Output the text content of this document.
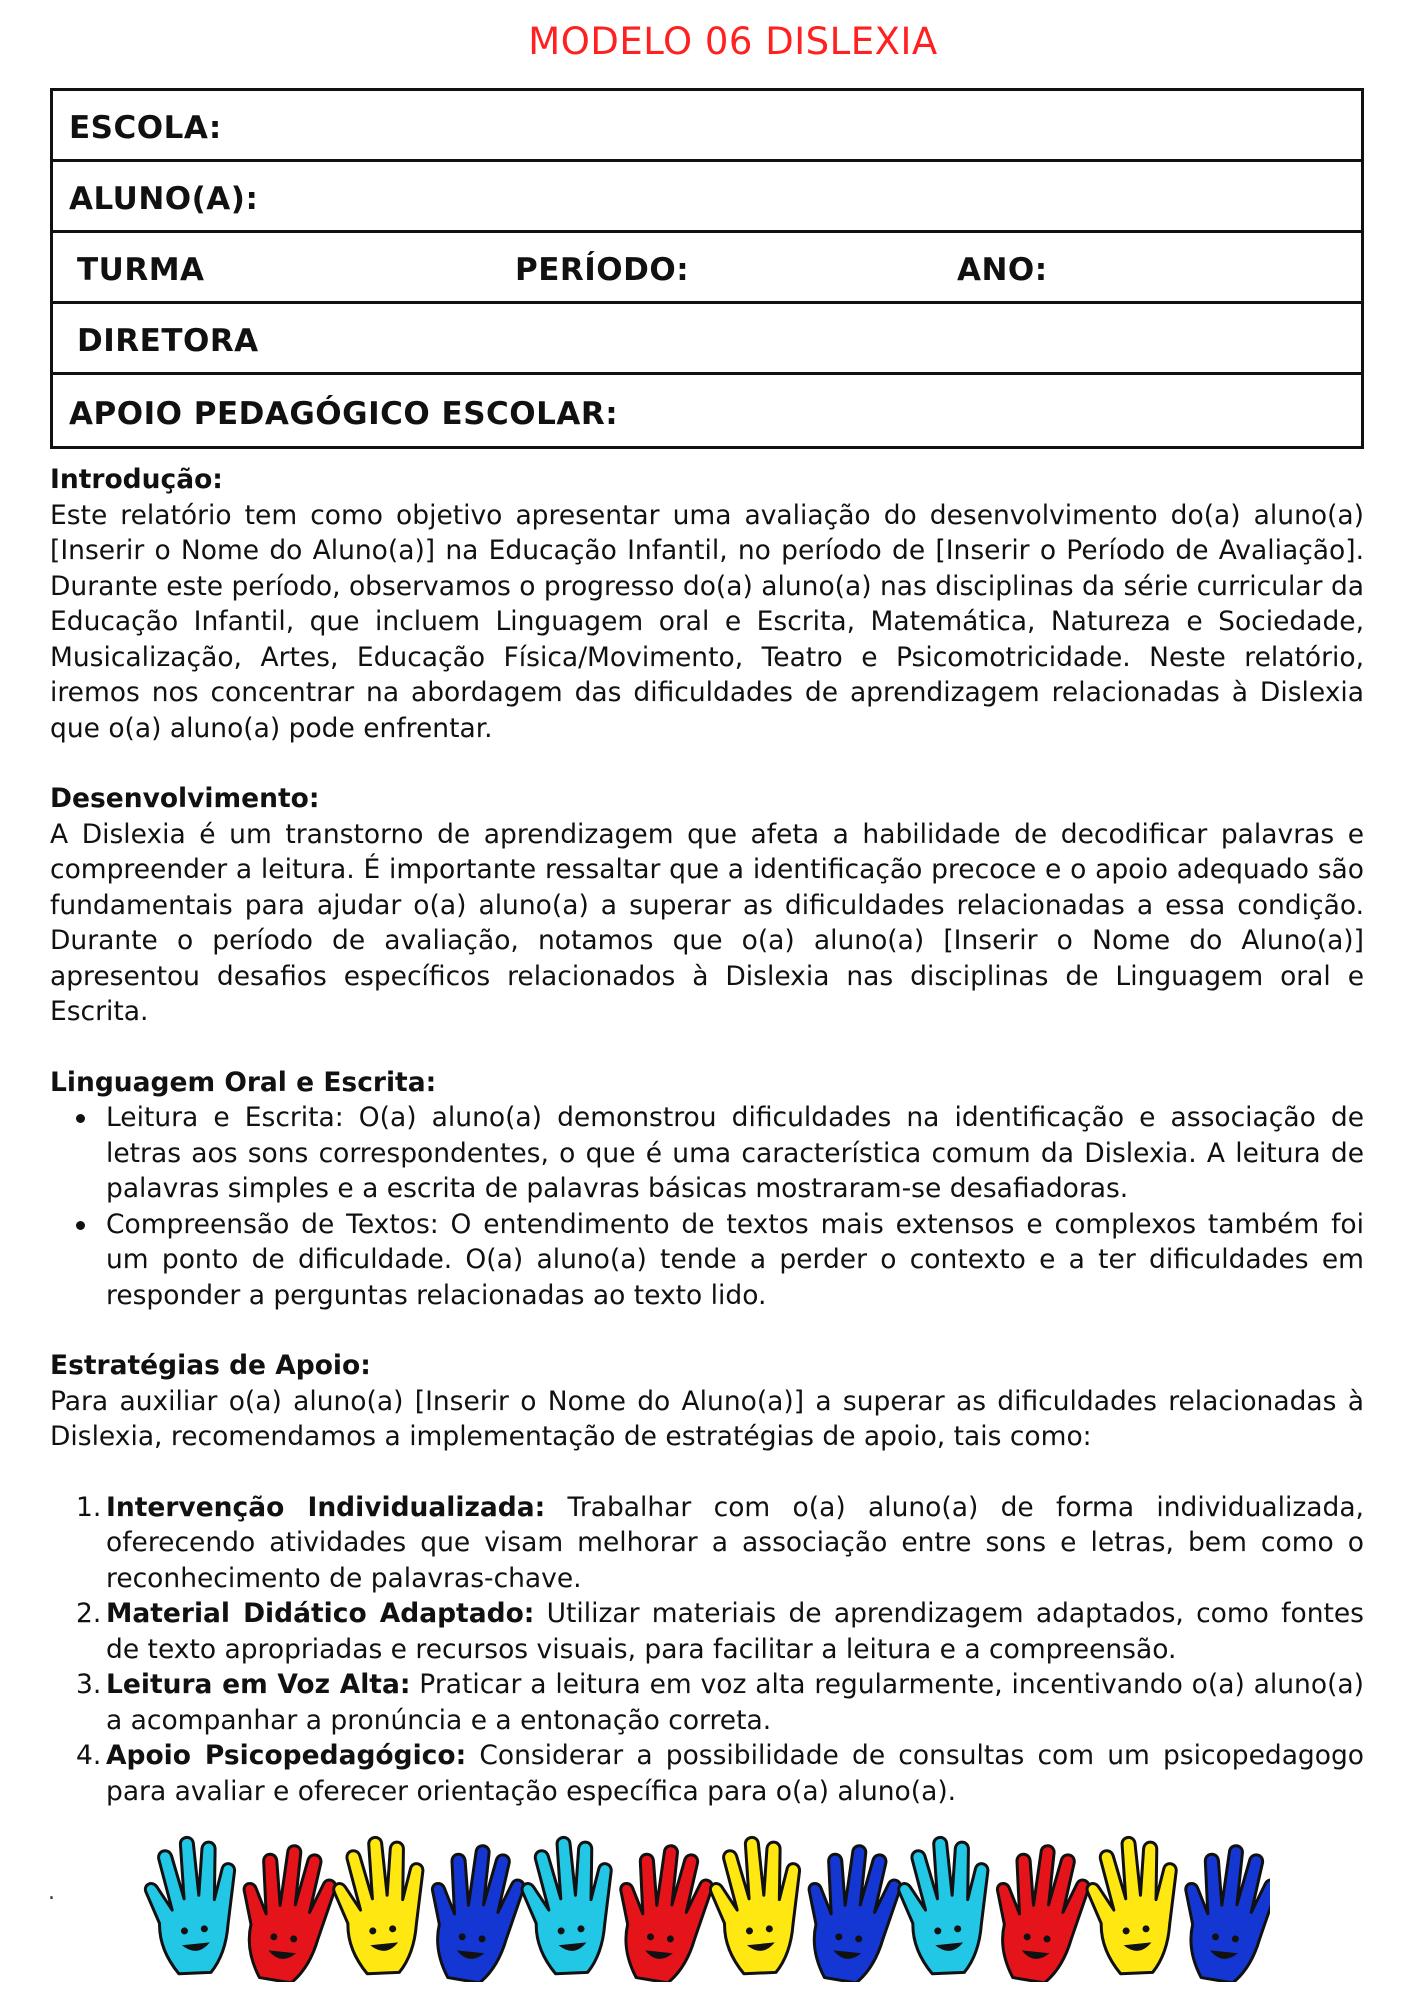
MODELO 06 DISLEXIA
ESCOLA:
ALUNO(A):
TURMA	PERÍODO:	ANO:
DIRETORA
APOIO PEDAGÓGICO ESCOLAR:

Introdução:

Este relatório tem como objetivo apresentar uma avaliação do desenvolvimento do(a) aluno(a) [Inserir o Nome do Aluno(a)] na Educação Infantil, no período de [Inserir o Período de Avaliação]. Durante este período, observamos o progresso do(a) aluno(a) nas disciplinas da série curricular da Educação Infantil, que incluem Linguagem oral e Escrita, Matemática, Natureza e Sociedade, Musicalização, Artes, Educação Física/Movimento, Teatro e Psicomotricidade. Neste relatório, iremos nos concentrar na abordagem das dificuldades de aprendizagem relacionadas à Dislexia que o(a) aluno(a) pode enfrentar.

Desenvolvimento:

A Dislexia é um transtorno de aprendizagem que afeta a habilidade de decodificar palavras e compreender a leitura. É importante ressaltar que a identificação precoce e o apoio adequado são fundamentais para ajudar o(a) aluno(a) a superar as dificuldades relacionadas a essa condição. Durante o período de avaliação, notamos que o(a) aluno(a) [Inserir o Nome do Aluno(a)] apresentou desafios específicos relacionados à Dislexia nas disciplinas de Linguagem oral e Escrita.

Linguagem Oral e Escrita:

Leitura e Escrita: O(a) aluno(a) demonstrou dificuldades na identificação e associação de letras aos sons correspondentes, o que é uma característica comum da Dislexia. A leitura de palavras simples e a escrita de palavras básicas mostraram-se desafiadoras.
Compreensão de Textos: O entendimento de textos mais extensos e complexos também foi um ponto de dificuldade. O(a) aluno(a) tende a perder o contexto e a ter dificuldades em responder a perguntas relacionadas ao texto lido.

Estratégias de Apoio:

Para auxiliar o(a) aluno(a) [Inserir o Nome do Aluno(a)] a superar as dificuldades relacionadas à Dislexia, recomendamos a implementação de estratégias de apoio, tais como:

1. Intervenção Individualizada: Trabalhar com o(a) aluno(a) de forma individualizada, oferecendo atividades que visam melhorar a associação entre sons e letras, bem como o reconhecimento de palavras-chave.
2. Material Didático Adaptado: Utilizar materiais de aprendizagem adaptados, como fontes de texto apropriadas e recursos visuais, para facilitar a leitura e a compreensão.
3. Leitura em Voz Alta: Praticar a leitura em voz alta regularmente, incentivando o(a) aluno(a) a acompanhar a pronúncia e a entonação correta.
4. Apoio Psicopedagógico: Considerar a possibilidade de consultas com um psicopedagogo para avaliar e oferecer orientação específica para o(a) aluno(a).
.
